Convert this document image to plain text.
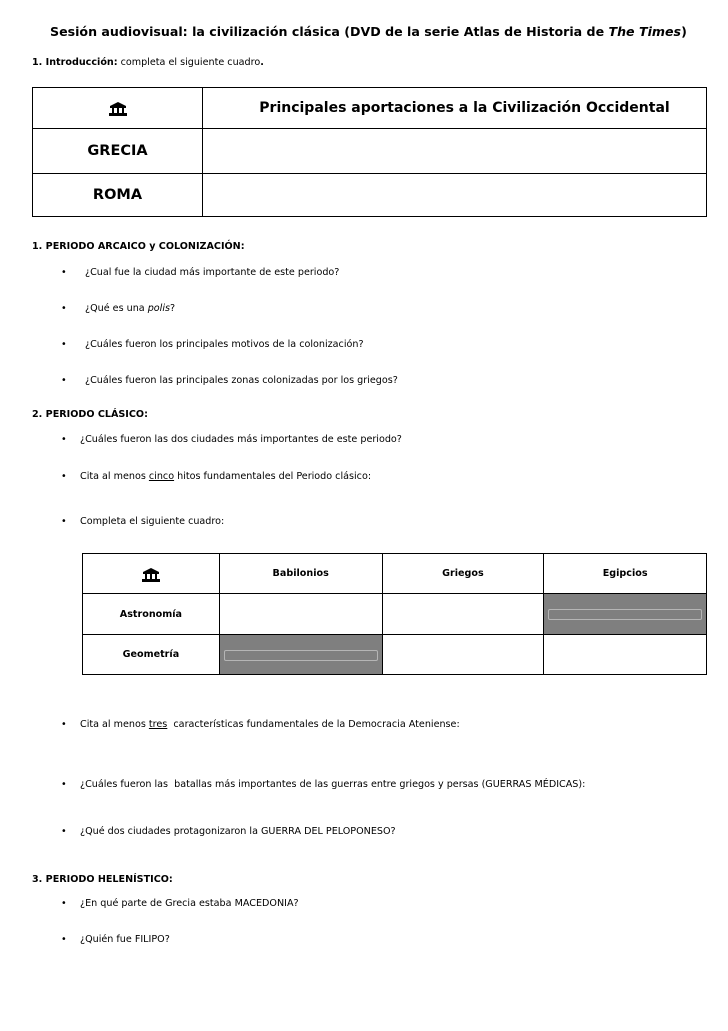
Sesión audiovisual: la civilización clásica (DVD de la serie Atlas de Historia de The Times)
1. Introducción: completa el siguiente cuadro.
	Principales aportaciones a la Civilización Occidental
GRECIA	
ROMA	
1. PERIODO ARCAICO y COLONIZACIÓN:
• ¿Cual fue la ciudad más importante de este periodo?
• ¿Qué es una polis?
• ¿Cuáles fueron los principales motivos de la colonización?
• ¿Cuáles fueron las principales zonas colonizadas por los griegos?
2. PERIODO CLÁSICO:
• ¿Cuáles fueron las dos ciudades más importantes de este periodo?
• Cita al menos cinco hitos fundamentales del Periodo clásico:
• Completa el siguiente cuadro:
	Babilonios	Griegos	Egipcios
Astronomía			

Geometría	

• Cita al menos tres  características fundamentales de la Democracia Ateniense:
• ¿Cuáles fueron las  batallas más importantes de las guerras entre griegos y persas (GUERRAS MÉDICAS):
• ¿Qué dos ciudades protagonizaron la GUERRA DEL PELOPONESO?
3. PERIODO HELENÍSTICO:
• ¿En qué parte de Grecia estaba MACEDONIA?
• ¿Quién fue FILIPO?
